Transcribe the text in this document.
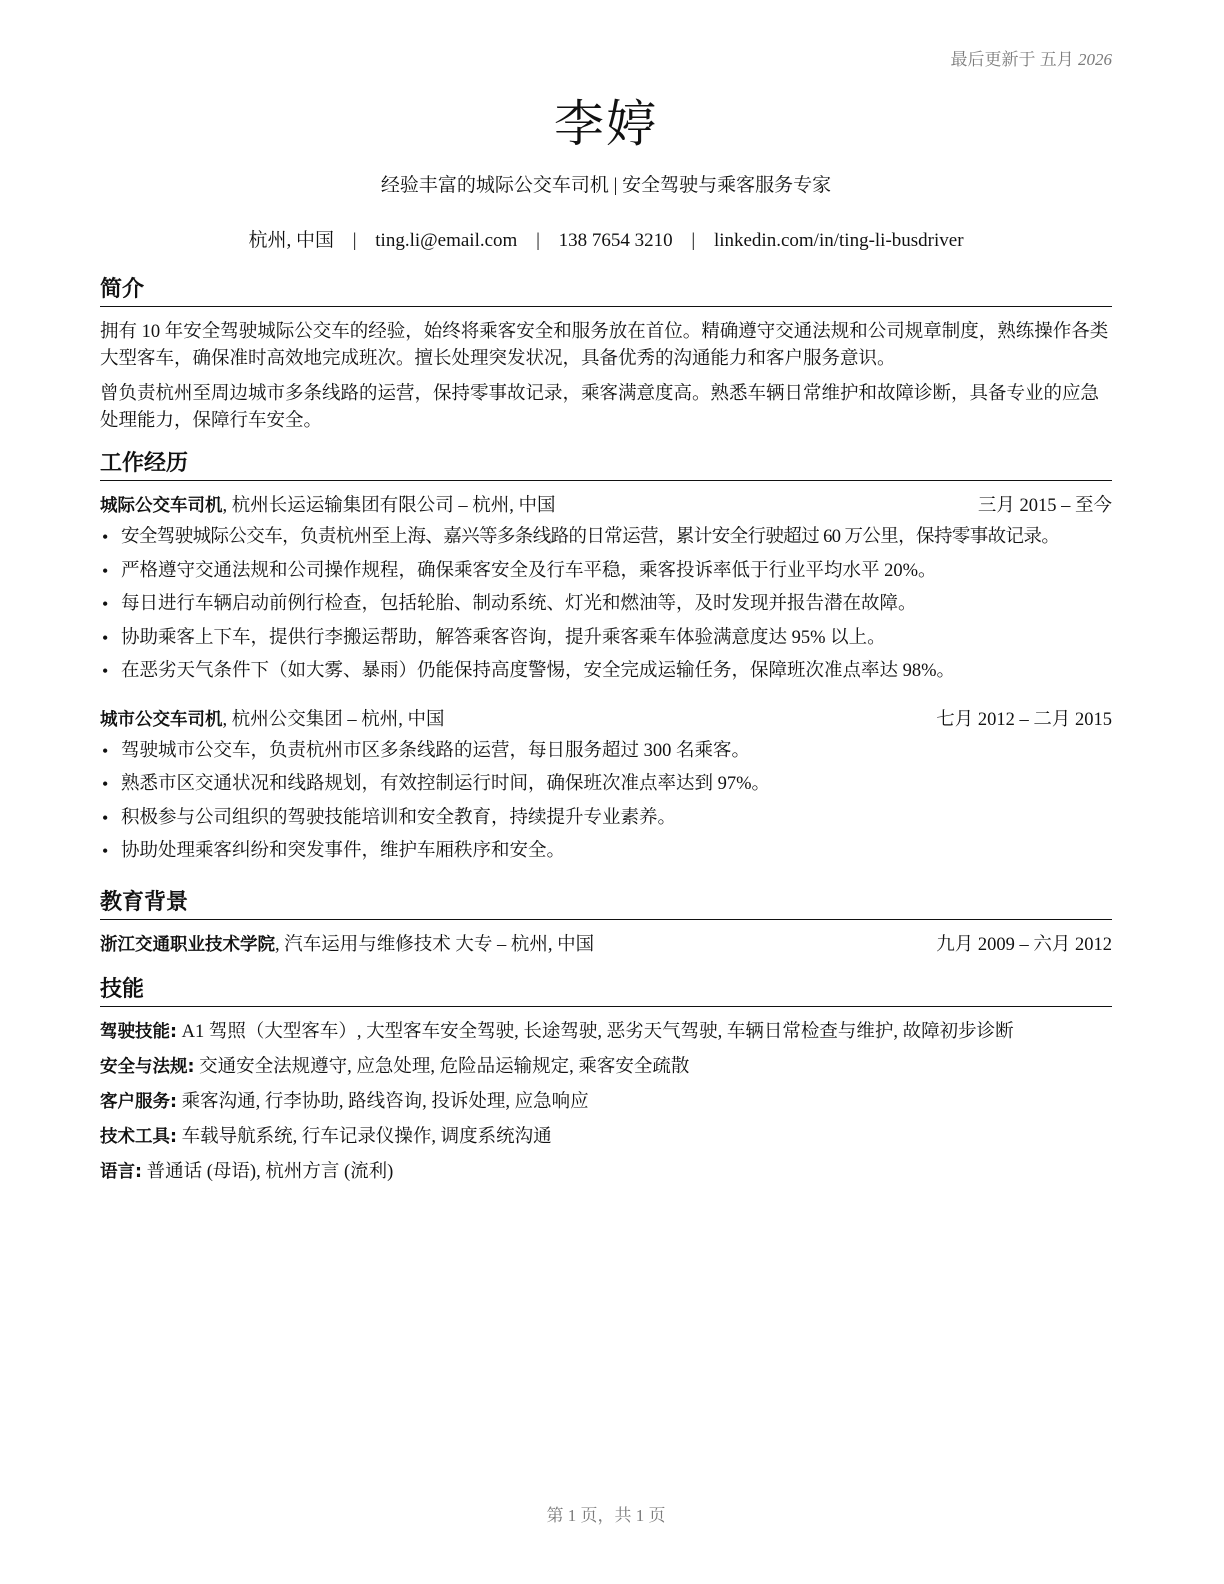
最后更新于 五月 2026
李婷
经验丰富的城际公交车司机 | 安全驾驶与乘客服务专家
杭州, 中国 | ting.li@email.com | 138 7654 3210 | linkedin.com/in/ting-li-busdriver
简介

拥有 10 年安全驾驶城际公交车的经验，始终将乘客安全和服务放在首位。精确遵守交通法规和公司规章制度，熟练操作各类大型客车，确保准时高效地完成班次。擅长处理突发状况，具备优秀的沟通能力和客户服务意识。

曾负责杭州至周边城市多条线路的运营，保持零事故记录，乘客满意度高。熟悉车辆日常维护和故障诊断，具备专业的应急处理能力，保障行车安全。

工作经历
城际公交车司机, 杭州长运运输集团有限公司 – 杭州, 中国	三月 2015 – 至今
• 安全驾驶城际公交车，负责杭州至上海、嘉兴等多条线路的日常运营，累计安全行驶超过 60 万公里，保持零事故记录。
• 严格遵守交通法规和公司操作规程，确保乘客安全及行车平稳，乘客投诉率低于行业平均水平 20%。
• 每日进行车辆启动前例行检查，包括轮胎、制动系统、灯光和燃油等，及时发现并报告潜在故障。
• 协助乘客上下车，提供行李搬运帮助，解答乘客咨询，提升乘客乘车体验满意度达 95% 以上。
• 在恶劣天气条件下（如大雾、暴雨）仍能保持高度警惕，安全完成运输任务，保障班次准点率达 98%。
城市公交车司机, 杭州公交集团 – 杭州, 中国	七月 2012 – 二月 2015
• 驾驶城市公交车，负责杭州市区多条线路的运营，每日服务超过 300 名乘客。
• 熟悉市区交通状况和线路规划，有效控制运行时间，确保班次准点率达到 97%。
• 积极参与公司组织的驾驶技能培训和安全教育，持续提升专业素养。
• 协助处理乘客纠纷和突发事件，维护车厢秩序和安全。
教育背景
浙江交通职业技术学院, 汽车运用与维修技术 大专 – 杭州, 中国	九月 2009 – 六月 2012
技能
驾驶技能: A1 驾照（大型客车）, 大型客车安全驾驶, 长途驾驶, 恶劣天气驾驶, 车辆日常检查与维护, 故障初步诊断
安全与法规: 交通安全法规遵守, 应急处理, 危险品运输规定, 乘客安全疏散
客户服务: 乘客沟通, 行李协助, 路线咨询, 投诉处理, 应急响应
技术工具: 车载导航系统, 行车记录仪操作, 调度系统沟通
语言: 普通话 (母语), 杭州方言 (流利)
第 1 页，共 1 页
